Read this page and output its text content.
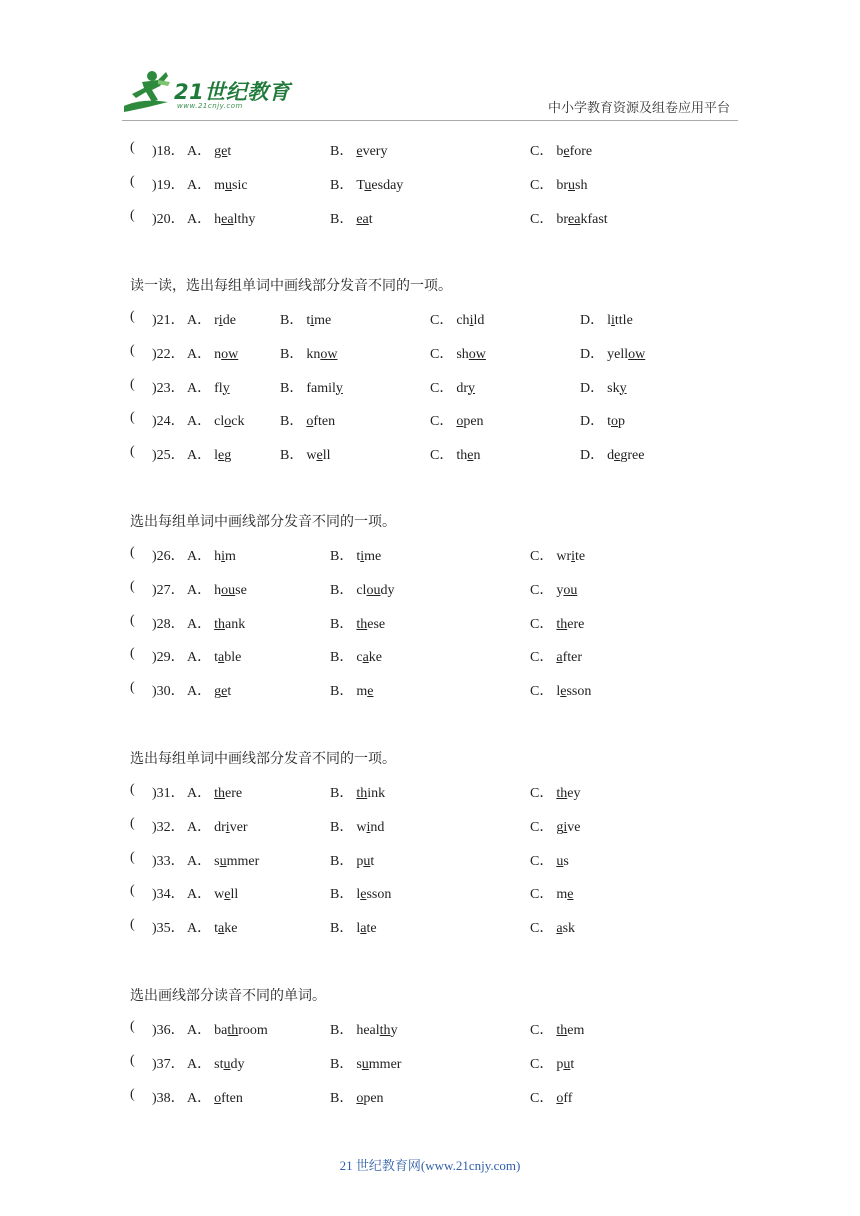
21世纪教育
www.21cnjy.com	中小学教育资源及组卷应用平台
( )18． A． get	B． every	C． before
( )19． A． music	B． Tuesday	C． brush
( )20． A． healthy	B． eat	C． breakfast
读一读，选出每组单词中画线部分发音不同的一项。
( )21． A． ride	B． time	C． child	D． little
( )22． A． now	B． know	C． show	D． yellow
( )23． A． fly	B． family	C． dry	D． sky
( )24． A． clock	B． often	C． open	D． top
( )25． A． leg	B． well	C． then	D． degree
选出每组单词中画线部分发音不同的一项。
( )26． A． him	B． time	C． write
( )27． A． house	B． cloudy	C． you
( )28． A． thank	B． these	C． there
( )29． A． table	B． cake	C． after
( )30． A． get	B． me	C． lesson
选出每组单词中画线部分发音不同的一项。
( )31． A． there	B． think	C． they
( )32． A． driver	B． wind	C． give
( )33． A． summer	B． put	C． us
( )34． A． well	B． lesson	C． me
( )35． A． take	B． late	C． ask
选出画线部分读音不同的单词。
( )36． A． bathroom	B． healthy	C． them
( )37． A． study	B． summer	C． put
( )38． A． often	B． open	C． off
21 世纪教育网(www.21cnjy.com)
